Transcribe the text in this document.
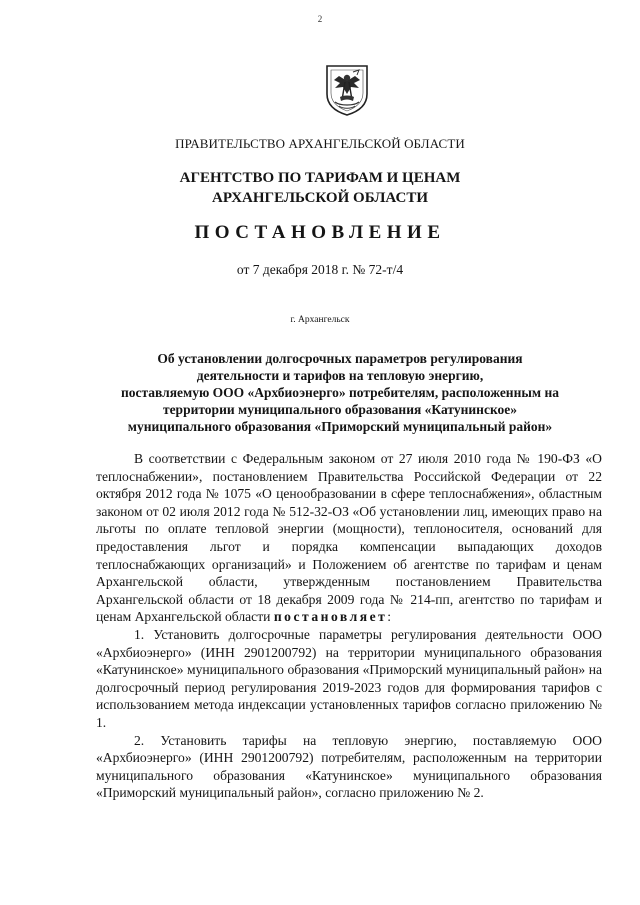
2
ПРАВИТЕЛЬСТВО АРХАНГЕЛЬСКОЙ ОБЛАСТИ
АГЕНТСТВО ПО ТАРИФАМ И ЦЕНАМ
АРХАНГЕЛЬСКОЙ ОБЛАСТИ
ПОСТАНОВЛЕНИЕ
от 7 декабря 2018 г. № 72-т/4
г. Архангельск
Об установлении долгосрочных параметров регулирования
деятельности и тарифов на тепловую энергию,
поставляемую ООО «Архбиоэнерго» потребителям, расположенным на
территории муниципального образования «Катунинское»
муниципального образования «Приморский муниципальный район»

В соответствии с Федеральным законом от 27 июля 2010 года № 190-ФЗ «О теплоснабжении», постановлением Правительства Российской Федерации от 22 октября 2012 года № 1075 «О ценообразовании в сфере теплоснабжения», областным законом от 02 июля 2012 года № 512-32-ОЗ «Об установлении лиц, имеющих право на льготы по оплате тепловой энергии (мощности), теплоносителя, оснований для предоставления льгот и порядка компенсации выпадающих доходов теплоснабжающих организаций» и Положением об агентстве по тарифам и ценам Архангельской области, утвержденным постановлением Правительства Архангельской области от 18 декабря 2009 года № 214-пп, агентство по тарифам и ценам Архангельской области постановляет:

1. Установить долгосрочные параметры регулирования деятельности ООО «Архбиоэнерго» (ИНН 2901200792) на территории муниципального образования «Катунинское» муниципального образования «Приморский муниципальный район» на долгосрочный период регулирования 2019-2023 годов для формирования тарифов с использованием метода индексации установленных тарифов согласно приложению № 1.

2. Установить тарифы на тепловую энергию, поставляемую ООО «Архбиоэнерго» (ИНН 2901200792) потребителям, расположенным на территории муниципального образования «Катунинское» муниципального образования «Приморский муниципальный район», согласно приложению № 2.
